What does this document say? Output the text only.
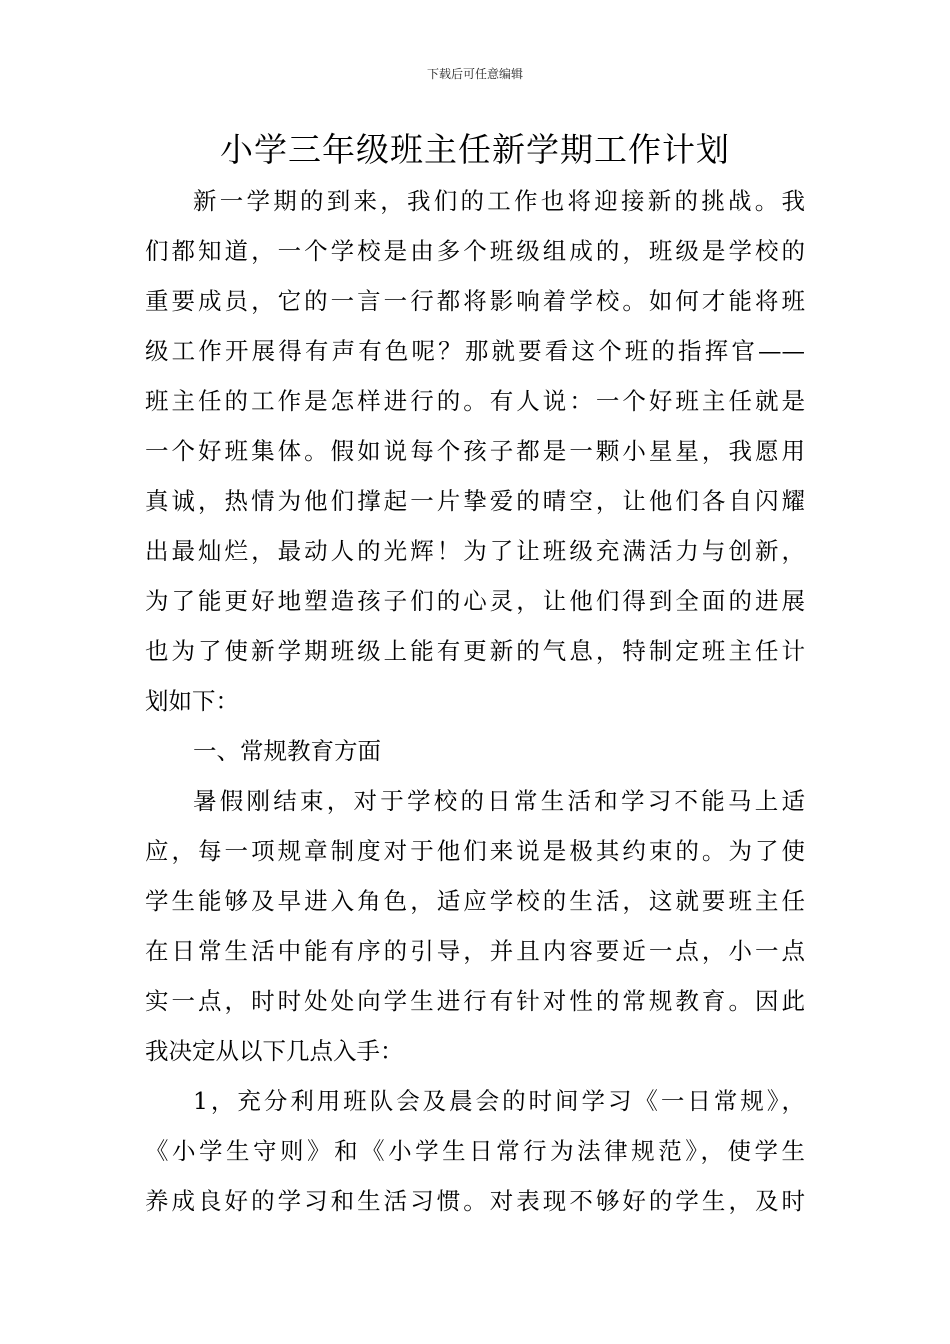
下载后可任意编辑
小学三年级班主任新学期工作计划
新一学期的到来，我们的工作也将迎接新的挑战。我
们都知道，一个学校是由多个班级组成的，班级是学校的
重要成员，它的一言一行都将影响着学校。如何才能将班
级工作开展得有声有色呢？那就要看这个班的指挥官——
班主任的工作是怎样进行的。有人说：一个好班主任就是
一个好班集体。假如说每个孩子都是一颗小星星，我愿用
真诚，热情为他们撑起一片挚爱的晴空，让他们各自闪耀
出最灿烂，最动人的光辉！为了让班级充满活力与创新，
为了能更好地塑造孩子们的心灵，让他们得到全面的进展
也为了使新学期班级上能有更新的气息，特制定班主任计
划如下：
一、常规教育方面
暑假刚结束，对于学校的日常生活和学习不能马上适
应，每一项规章制度对于他们来说是极其约束的。为了使
学生能够及早进入角色，适应学校的生活，这就要班主任
在日常生活中能有序的引导，并且内容要近一点，小一点
实一点，时时处处向学生进行有针对性的常规教育。因此
我决定从以下几点入手：
1，充分利用班队会及晨会的时间学习《一日常规》，
《小学生守则》和《小学生日常行为法律规范》，使学生
养成良好的学习和生活习惯。对表现不够好的学生，及时
